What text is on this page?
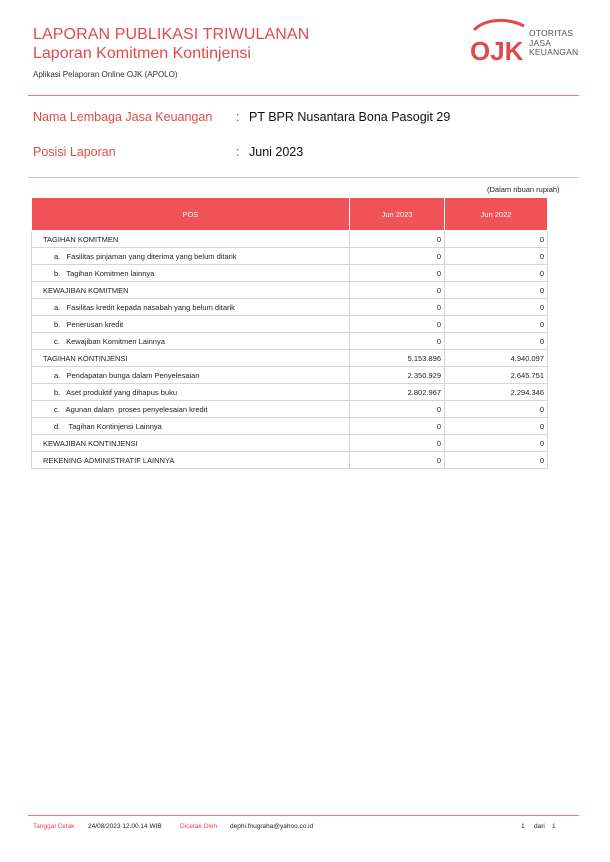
LAPORAN PUBLIKASI TRIWULANAN
Laporan Komitmen Kontinjensi
Aplikasi Pelaporan Online OJK (APOLO)
OJK
OTORITAS
JASA
KEUANGAN
Nama Lembaga Jasa Keuangan : PT BPR Nusantara Bona Pasogit 29
Posisi Laporan	: Juni 2023
(Dalam ribuan rupiah)
POS	Jun 2023	Jun 2022
TAGIHAN KOMITMEN	0	0
a.   Fasilitas pinjaman yang diterima yang belum ditarik	0	0
b.   Tagihan Komitmen lainnya	0	0
KEWAJIBAN KOMITMEN	0	0
a.   Fasilitas kredit kepada nasabah yang belum ditarik	0	0
b.   Penerusan kredit	0	0
c.   Kewajiban Komitmen Lainnya	0	0
TAGIHAN KONTINJENSI	5.153.896	4.940.097
a.   Pendapatan bunga dalam Penyelesaian	2.350.929	2.645.751
b.   Aset produktif yang dihapus buku	2.802.967	2.294.346
c.   Agunan dalam  proses penyelesaian kredit	0	0
d.    Tagihan Kontinjensi Lainnya	0	0
KEWAJIBAN KONTINJENSI	0	0
REKENING ADMINISTRATIF LAINNYA	0	0
Tanggal Cetak 24/08/2023 12.00.14 WIB	Dicetak Oleh dephi.fnugraha@yahoo.co.id	1 dari 1
